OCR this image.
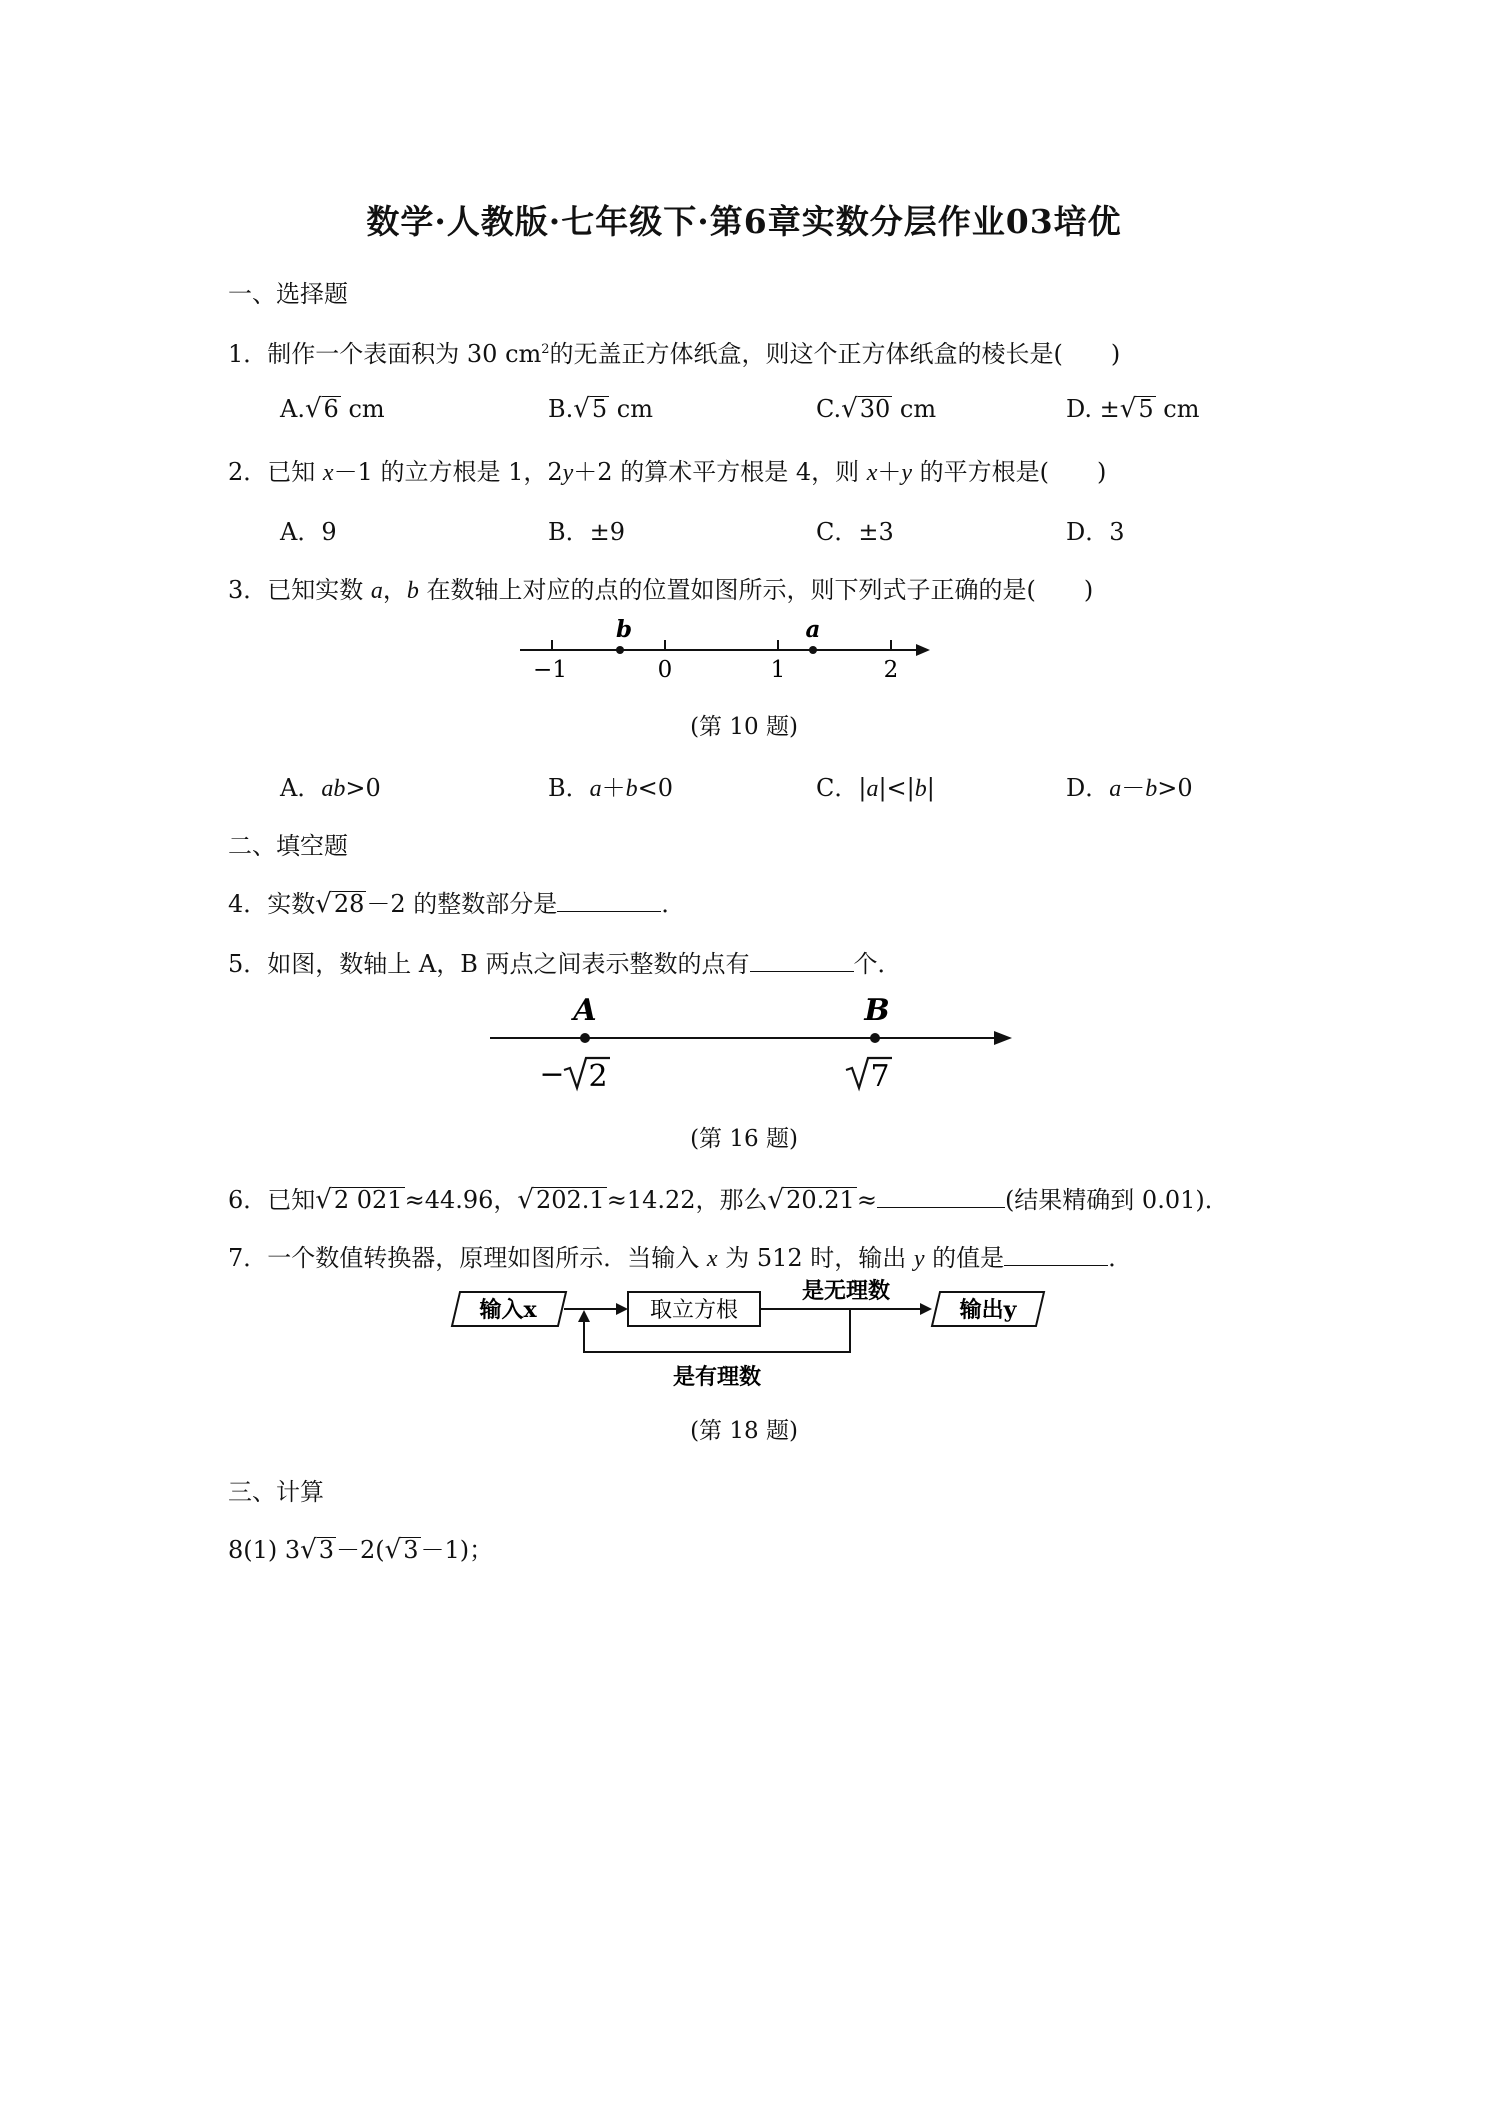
数学·人教版·七年级下·第6章实数分层作业03培优
一、选择题
1．制作一个表面积为 30 $cm^2$的无盖正方体纸盒，则这个正方体纸盒的棱长是(　　)
A.√6 cm	B.√5 cm	C.√30 cm	D. ±√5 cm
2．已知 x－1 的立方根是 1，2y＋2 的算术平方根是 4，则 x＋y 的平方根是(　　)
A．9	B．±9	C．±3	D．3
3．已知实数 a，b 在数轴上对应的点的位置如图所示，则下列式子正确的是(　　)
b	a
−1	0	1	2
(第 10 题)
A．ab>0	B．a＋b<0	C．|a|<|b|	D．a－b>0
二、填空题
4．实数√28－2 的整数部分是	．
5．如图，数轴上 A，B 两点之间表示整数的点有	个．
A	B
− 2	7
(第 16 题)
6．已知√2 021≈44.96，√202.1≈14.22，那么√20.21≈	(结果精确到 0.01)．
7．一个数值转换器，原理如图所示．当输入 x 为 512 时，输出 y 的值是	．
输入x	取立方根
是无理数
输出y
是有理数
(第 18 题)
三、计算
8(1) 3√3－2(√3－1)；
